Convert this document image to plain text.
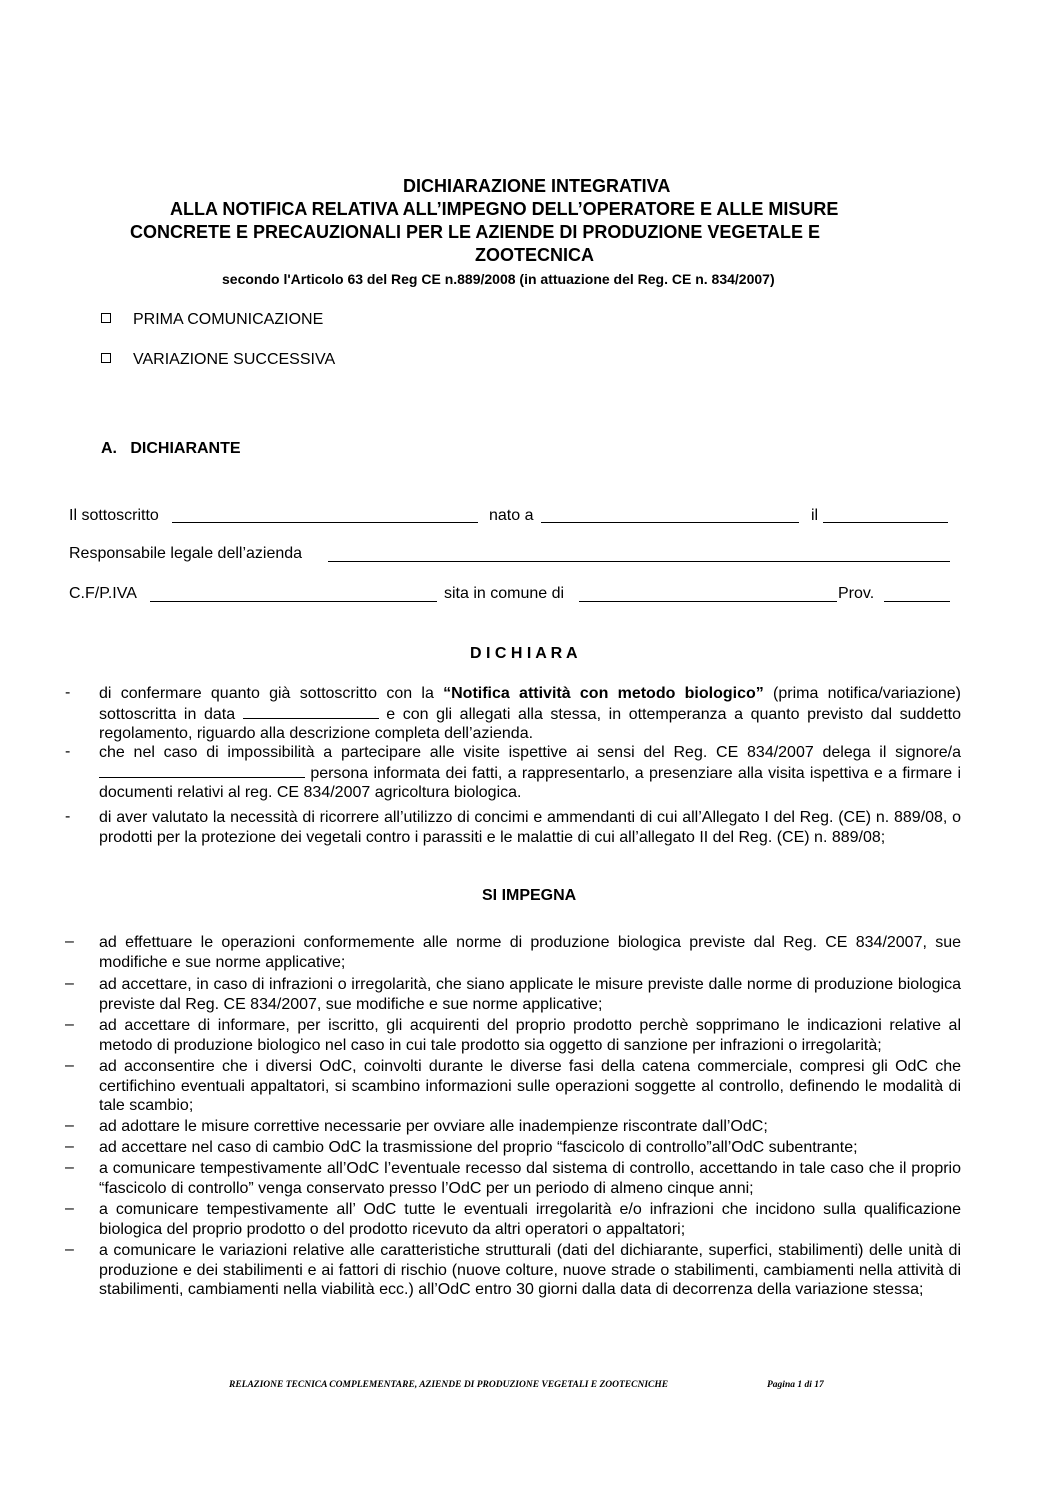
DICHIARAZIONE INTEGRATIVA
ALLA NOTIFICA RELATIVA ALL’IMPEGNO DELL’OPERATORE E ALLE MISURE
CONCRETE E PRECAUZIONALI PER LE AZIENDE DI PRODUZIONE VEGETALE E
ZOOTECNICA
secondo l'Articolo 63 del Reg CE n.889/2008 (in attuazione del Reg. CE n. 834/2007)
PRIMA COMUNICAZIONE
VARIAZIONE SUCCESSIVA
A.   DICHIARANTE
Il sottoscritto	nato a	il
Responsabile legale dell’azienda
C.F/P.IVA	sita in comune di	Prov.
D I C H I A R A
- di confermare quanto già sottoscritto con la “Notifica attività con metodo biologico” (prima notifica/variazione) sottoscritta in data	e con gli allegati alla stessa, in ottemperanza a quanto previsto dal suddetto regolamento, riguardo alla descrizione completa dell’azienda.
- che nel caso di impossibilità a partecipare alle visite ispettive ai sensi del Reg. CE 834/2007 delega il signore/a persona informata dei fatti, a rappresentarlo, a presenziare alla visita ispettiva e a firmare i documenti relativi al reg. CE 834/2007 agricoltura biologica.
- di aver valutato la necessità di ricorrere all’utilizzo di concimi e ammendanti di cui all’Allegato I del Reg. (CE) n. 889/08, o prodotti per la protezione dei vegetali contro i parassiti e le malattie di cui all’allegato II del Reg. (CE) n. 889/08;
SI IMPEGNA
– ad effettuare le operazioni conformemente alle norme di produzione biologica previste dal Reg. CE 834/2007, sue modifiche e sue norme applicative;
– ad accettare, in caso di infrazioni o irregolarità, che siano applicate le misure previste dalle norme di produzione biologica previste dal Reg. CE 834/2007, sue modifiche e sue norme applicative;
– ad accettare di informare, per iscritto, gli acquirenti del proprio prodotto perchè sopprimano le indicazioni relative al metodo di produzione biologico nel caso in cui tale prodotto sia oggetto di sanzione per infrazioni o irregolarità;
– ad acconsentire che i diversi OdC, coinvolti durante le diverse fasi della catena commerciale, compresi gli OdC che certifichino eventuali appaltatori, si scambino informazioni sulle operazioni soggette al controllo, definendo le modalità di tale scambio;
– ad adottare le misure correttive necessarie per ovviare alle inadempienze riscontrate dall’OdC;
– ad accettare nel caso di cambio OdC la trasmissione del proprio “fascicolo di controllo”all’OdC subentrante;
– a comunicare tempestivamente all’OdC l’eventuale recesso dal sistema di controllo, accettando in tale caso che il proprio “fascicolo di controllo” venga conservato presso l’OdC per un periodo di almeno cinque anni;
– a comunicare tempestivamente all’ OdC tutte le eventuali irregolarità e/o infrazioni che incidono sulla qualificazione biologica del proprio prodotto o del prodotto ricevuto da altri operatori o appaltatori;
– a comunicare le variazioni relative alle caratteristiche strutturali (dati del dichiarante, superfici, stabilimenti) delle unità di produzione e dei stabilimenti e ai fattori di rischio (nuove colture, nuove strade o stabilimenti, cambiamenti nella attività di stabilimenti, cambiamenti nella viabilità ecc.) all’OdC entro 30 giorni dalla data di decorrenza della variazione stessa;
RELAZIONE TECNICA COMPLEMENTARE, AZIENDE DI PRODUZIONE VEGETALI E ZOOTECNICHE	Pagina 1 di 17
